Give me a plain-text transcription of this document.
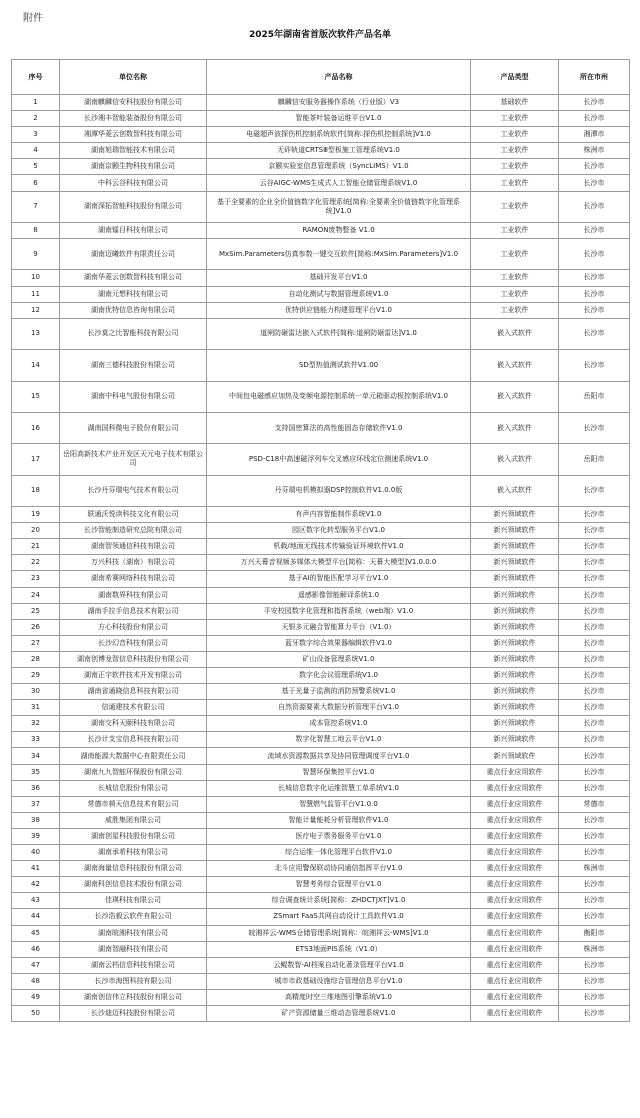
附件
2025年湖南省首版次软件产品名单
序号	单位名称	产品名称	产品类型	所在市州
1	湖南麒麟信安科技股份有限公司	麒麟信安服务器操作系统（行业版）V3	基础软件	长沙市
2	长沙湘丰智能装备股份有限公司	智能茶叶装备运维平台V1.0	工业软件	长沙市
3	湘潭华菱云创数智科技有限公司	电磁超声波探伤机控制系统软件[简称:探伤机控制系统]V1.0	工业软件	湘潭市
4	湖南旭瑞智能技术有限公司	无砟轨道CRTSⅢ型板施工管理系统V1.0	工业软件	株洲市
5	湖南京颢生物科技有限公司	京颢实验室信息管理系统（SyncLIMS）V1.0	工业软件	长沙市
6	中科云谷科技有限公司	云谷AIGC-WMS生成式人工智能仓储管理系统V1.0	工业软件	长沙市
7	湖南深拓智能科技股份有限公司	基于全要素的企业全价值链数字化管理系统[简称:全要素全价值链数字化管理系统]V1.0	工业软件	长沙市
8	湖南镭目科技有限公司	RAMON废物整备 V1.0	工业软件	长沙市
9	湖南迈曦软件有限责任公司	MxSim.Parameters仿真参数一键交互软件[简称:MxSim.Parameters]V1.0	工业软件	长沙市
10	湖南华菱云创数智科技有限公司	基础开发平台V1.0	工业软件	长沙市
11	湖南元想科技有限公司	自动化测试与数据管理系统V1.0	工业软件	长沙市
12	湖南优特信息咨询有限公司	优特供应链能力构建管理平台V1.0	工业软件	长沙市
13	长沙莫之比智能科技有限公司	道闸防砸雷达嵌入式软件[简称:道闸防砸雷达]V1.0	嵌入式软件	长沙市
14	湖南三德科技股份有限公司	SD型热值测试软件V1.00	嵌入式软件	长沙市
15	湖南中科电气股份有限公司	中间包电磁感应加热及变频电源控制系统一单元箱驱动板控制系统V1.0	嵌入式软件	岳阳市
16	湖南国科微电子股份有限公司	支持国密算法的高性能固态存储软件V1.0	嵌入式软件	长沙市
17	岳阳高新技术产业开发区天元电子技术有限公司	PSD-C18中高速磁浮列车交叉感应环线定位测速系统V1.0	嵌入式软件	岳阳市
18	长沙丹芬瑞电气技术有限公司	丹芬瑞电机模拟器DSP控制软件V1.0.0版	嵌入式软件	长沙市
19	联通沃悦读科技文化有限公司	有声内容智能制作系统V1.0	新兴领域软件	长沙市
20	长沙智能制造研究总院有限公司	园区数字化转型服务平台V1.0	新兴领域软件	长沙市
21	湖南智领通信科技有限公司	机载/地面无线技术传输验证环境软件V1.0	新兴领域软件	长沙市
22	万兴科技（湖南）有限公司	万兴天幕音视频多媒体大模型平台[简称：天幕大模型]V1.0.0.0	新兴领域软件	长沙市
23	湖南希赛网络科技有限公司	基于AI的智能匹配学习平台V1.0	新兴领域软件	长沙市
24	湖南数界科技有限公司	遥感影像智能解译系统1.0	新兴领域软件	长沙市
25	湖南手拉手信息技术有限公司	平安校园数字化管理和指挥系统（web端）V1.0	新兴领域软件	长沙市
26	方心科技股份有限公司	天银多元融合智能算力平台（V1.0）	新兴领域软件	长沙市
27	长沙幻音科技有限公司	蓝牙数字综合效果器编辑软件V1.0	新兴领域软件	长沙市
28	湖南创博龙智信息科技股份有限公司	矿山设备管理系统V1.0	新兴领域软件	长沙市
29	湖南正宇软件技术开发有限公司	数字化会议管理系统V1.0	新兴领域软件	长沙市
30	湖南省通晓信息科技有限公司	基于光量子监测的消防预警系统V1.0	新兴领域软件	长沙市
31	信通建技术有限公司	自然资源要素大数据分析管理平台V1.0	新兴领域软件	长沙市
32	湖南交科天颐科技有限公司	成本管控系统V1.0	新兴领域软件	长沙市
33	长沙计支宝信息科技有限公司	数字化智慧工地云平台V1.0	新兴领域软件	长沙市
34	湖南能源大数据中心有限责任公司	流域水资源数据共享及协同管理调度平台V1.0	新兴领域软件	长沙市
35	湖南九九智能环保股份有限公司	智慧环保集控平台V1.0	重点行业应用软件	长沙市
36	长城信息股份有限公司	长城信息数字化运维智慧工单系统V1.0	重点行业应用软件	长沙市
37	常德市顿天信息技术有限公司	智慧燃气监管平台V1.0.0	重点行业应用软件	常德市
38	威胜集团有限公司	智能计量能耗分析管理软件V1.0	重点行业应用软件	长沙市
39	湖南创星科技股份有限公司	医疗电子票务服务平台V1.0	重点行业应用软件	长沙市
40	湖南承希科技有限公司	综合运维一体化管理平台软件V1.0	重点行业应用软件	长沙市
41	湖南海量信息科技股份有限公司	北斗应用警保联动协同通信指挥平台V1.0	重点行业应用软件	株洲市
42	湖南科创信息技术股份有限公司	智慧考务综合管理平台V1.0	重点行业应用软件	长沙市
43	佳瑛科技有限公司	综合调查统计系统[简称：ZHDCTJXT]V1.0	重点行业应用软件	长沙市
44	长沙浩毅云软件有限公司	ZSmart FaaS共网自动设计工具软件V1.0	重点行业应用软件	长沙市
45	湖南皖湘科技有限公司	皖湘祥云-WMS仓储管理系统[简称：皖湘祥云-WMS]V1.0	重点行业应用软件	衡阳市
46	湖南智融科技有限公司	ETS3地面PIS系统（V1.0）	重点行业应用软件	株洲市
47	湖南云档信息科技有限公司	云鲲数智-AI档案自动化著录管理平台V1.0	重点行业应用软件	长沙市
48	长沙市海图科技有限公司	城市市政基础设施综合管理信息平台V1.0	重点行业应用软件	长沙市
49	湖南创信伟立科技股份有限公司	高精度时空三维地图引擎系统V1.0	重点行业应用软件	长沙市
50	长沙迪迈科技股份有限公司	矿产资源储量三维动态管理系统V1.0	重点行业应用软件	长沙市
